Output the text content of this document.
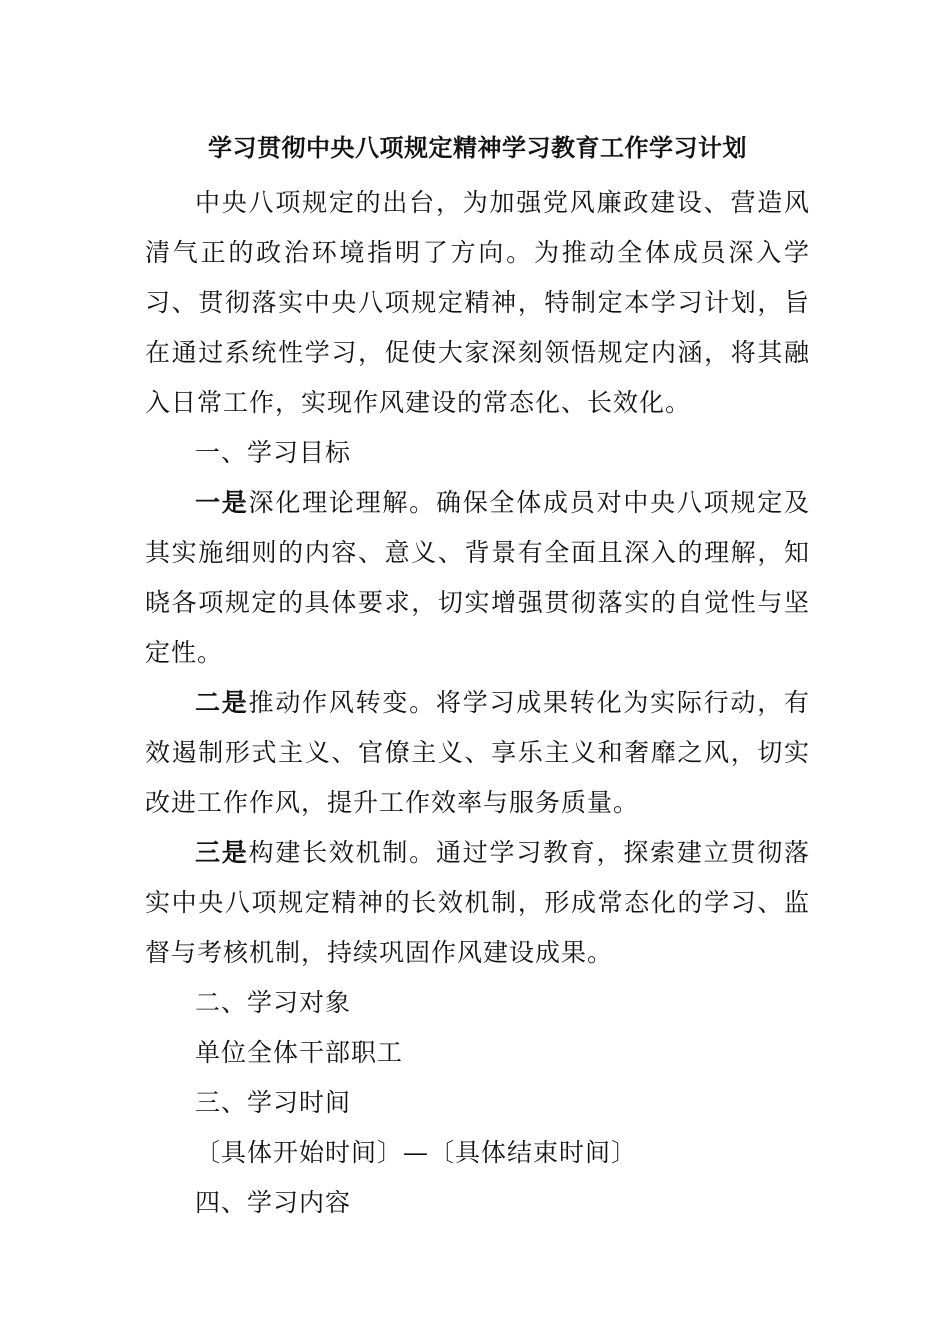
学习贯彻中央八项规定精神学习教育工作学习计划

中央八项规定的出台，为加强党风廉政建设、营造风清气正的政治环境指明了方向。为推动全体成员深入学习、贯彻落实中央八项规定精神，特制定本学习计划，旨在通过系统性学习，促使大家深刻领悟规定内涵，将其融入日常工作，实现作风建设的常态化、长效化。

一、学习目标

一是深化理论理解。确保全体成员对中央八项规定及其实施细则的内容、意义、背景有全面且深入的理解，知晓各项规定的具体要求，切实增强贯彻落实的自觉性与坚定性。

二是推动作风转变。将学习成果转化为实际行动，有效遏制形式主义、官僚主义、享乐主义和奢靡之风，切实改进工作作风，提升工作效率与服务质量。

三是构建长效机制。通过学习教育，探索建立贯彻落实中央八项规定精神的长效机制，形成常态化的学习、监督与考核机制，持续巩固作风建设成果。

二、学习对象

单位全体干部职工

三、学习时间

〔具体开始时间〕—〔具体结束时间〕

四、学习内容
